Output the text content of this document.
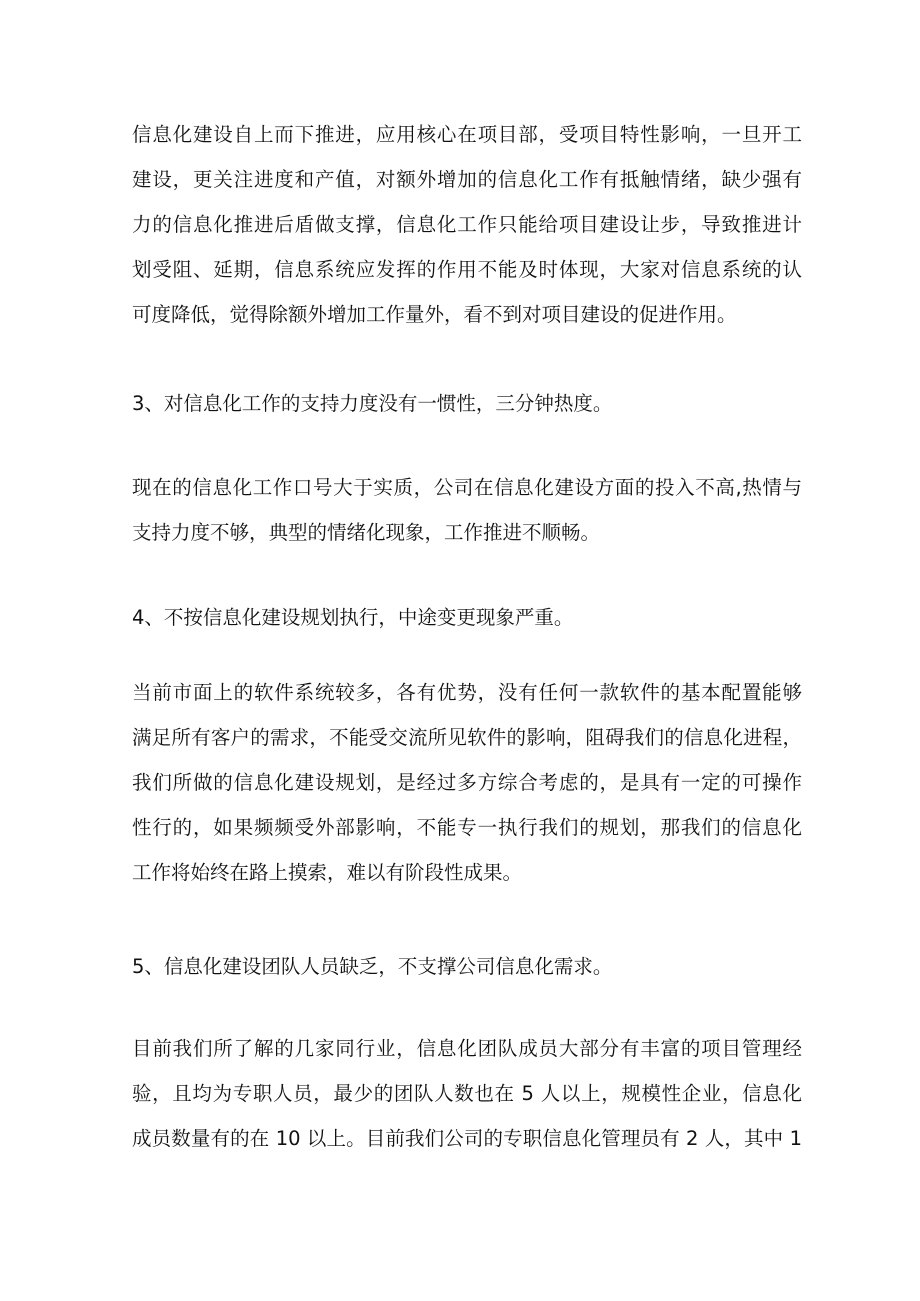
信息化建设自上而下推进，应用核心在项目部，受项目特性影响，一旦开工
建设，更关注进度和产值，对额外增加的信息化工作有抵触情绪，缺少强有
力的信息化推进后盾做支撑，信息化工作只能给项目建设让步，导致推进计
划受阻、延期，信息系统应发挥的作用不能及时体现，大家对信息系统的认
可度降低，觉得除额外增加工作量外，看不到对项目建设的促进作用。

3、对信息化工作的支持力度没有一惯性，三分钟热度。

现在的信息化工作口号大于实质，公司在信息化建设方面的投入不高,热情与
支持力度不够，典型的情绪化现象，工作推进不顺畅。

4、不按信息化建设规划执行，中途变更现象严重。

当前市面上的软件系统较多，各有优势，没有任何一款软件的基本配置能够
满足所有客户的需求，不能受交流所见软件的影响，阻碍我们的信息化进程，
我们所做的信息化建设规划，是经过多方综合考虑的，是具有一定的可操作
性行的，如果频频受外部影响，不能专一执行我们的规划，那我们的信息化
工作将始终在路上摸索，难以有阶段性成果。

5、信息化建设团队人员缺乏，不支撑公司信息化需求。

目前我们所了解的几家同行业，信息化团队成员大部分有丰富的项目管理经
验，且均为专职人员，最少的团队人数也在 5 人以上，规模性企业，信息化
成员数量有的在 10 以上。目前我们公司的专职信息化管理员有 2 人，其中 1
